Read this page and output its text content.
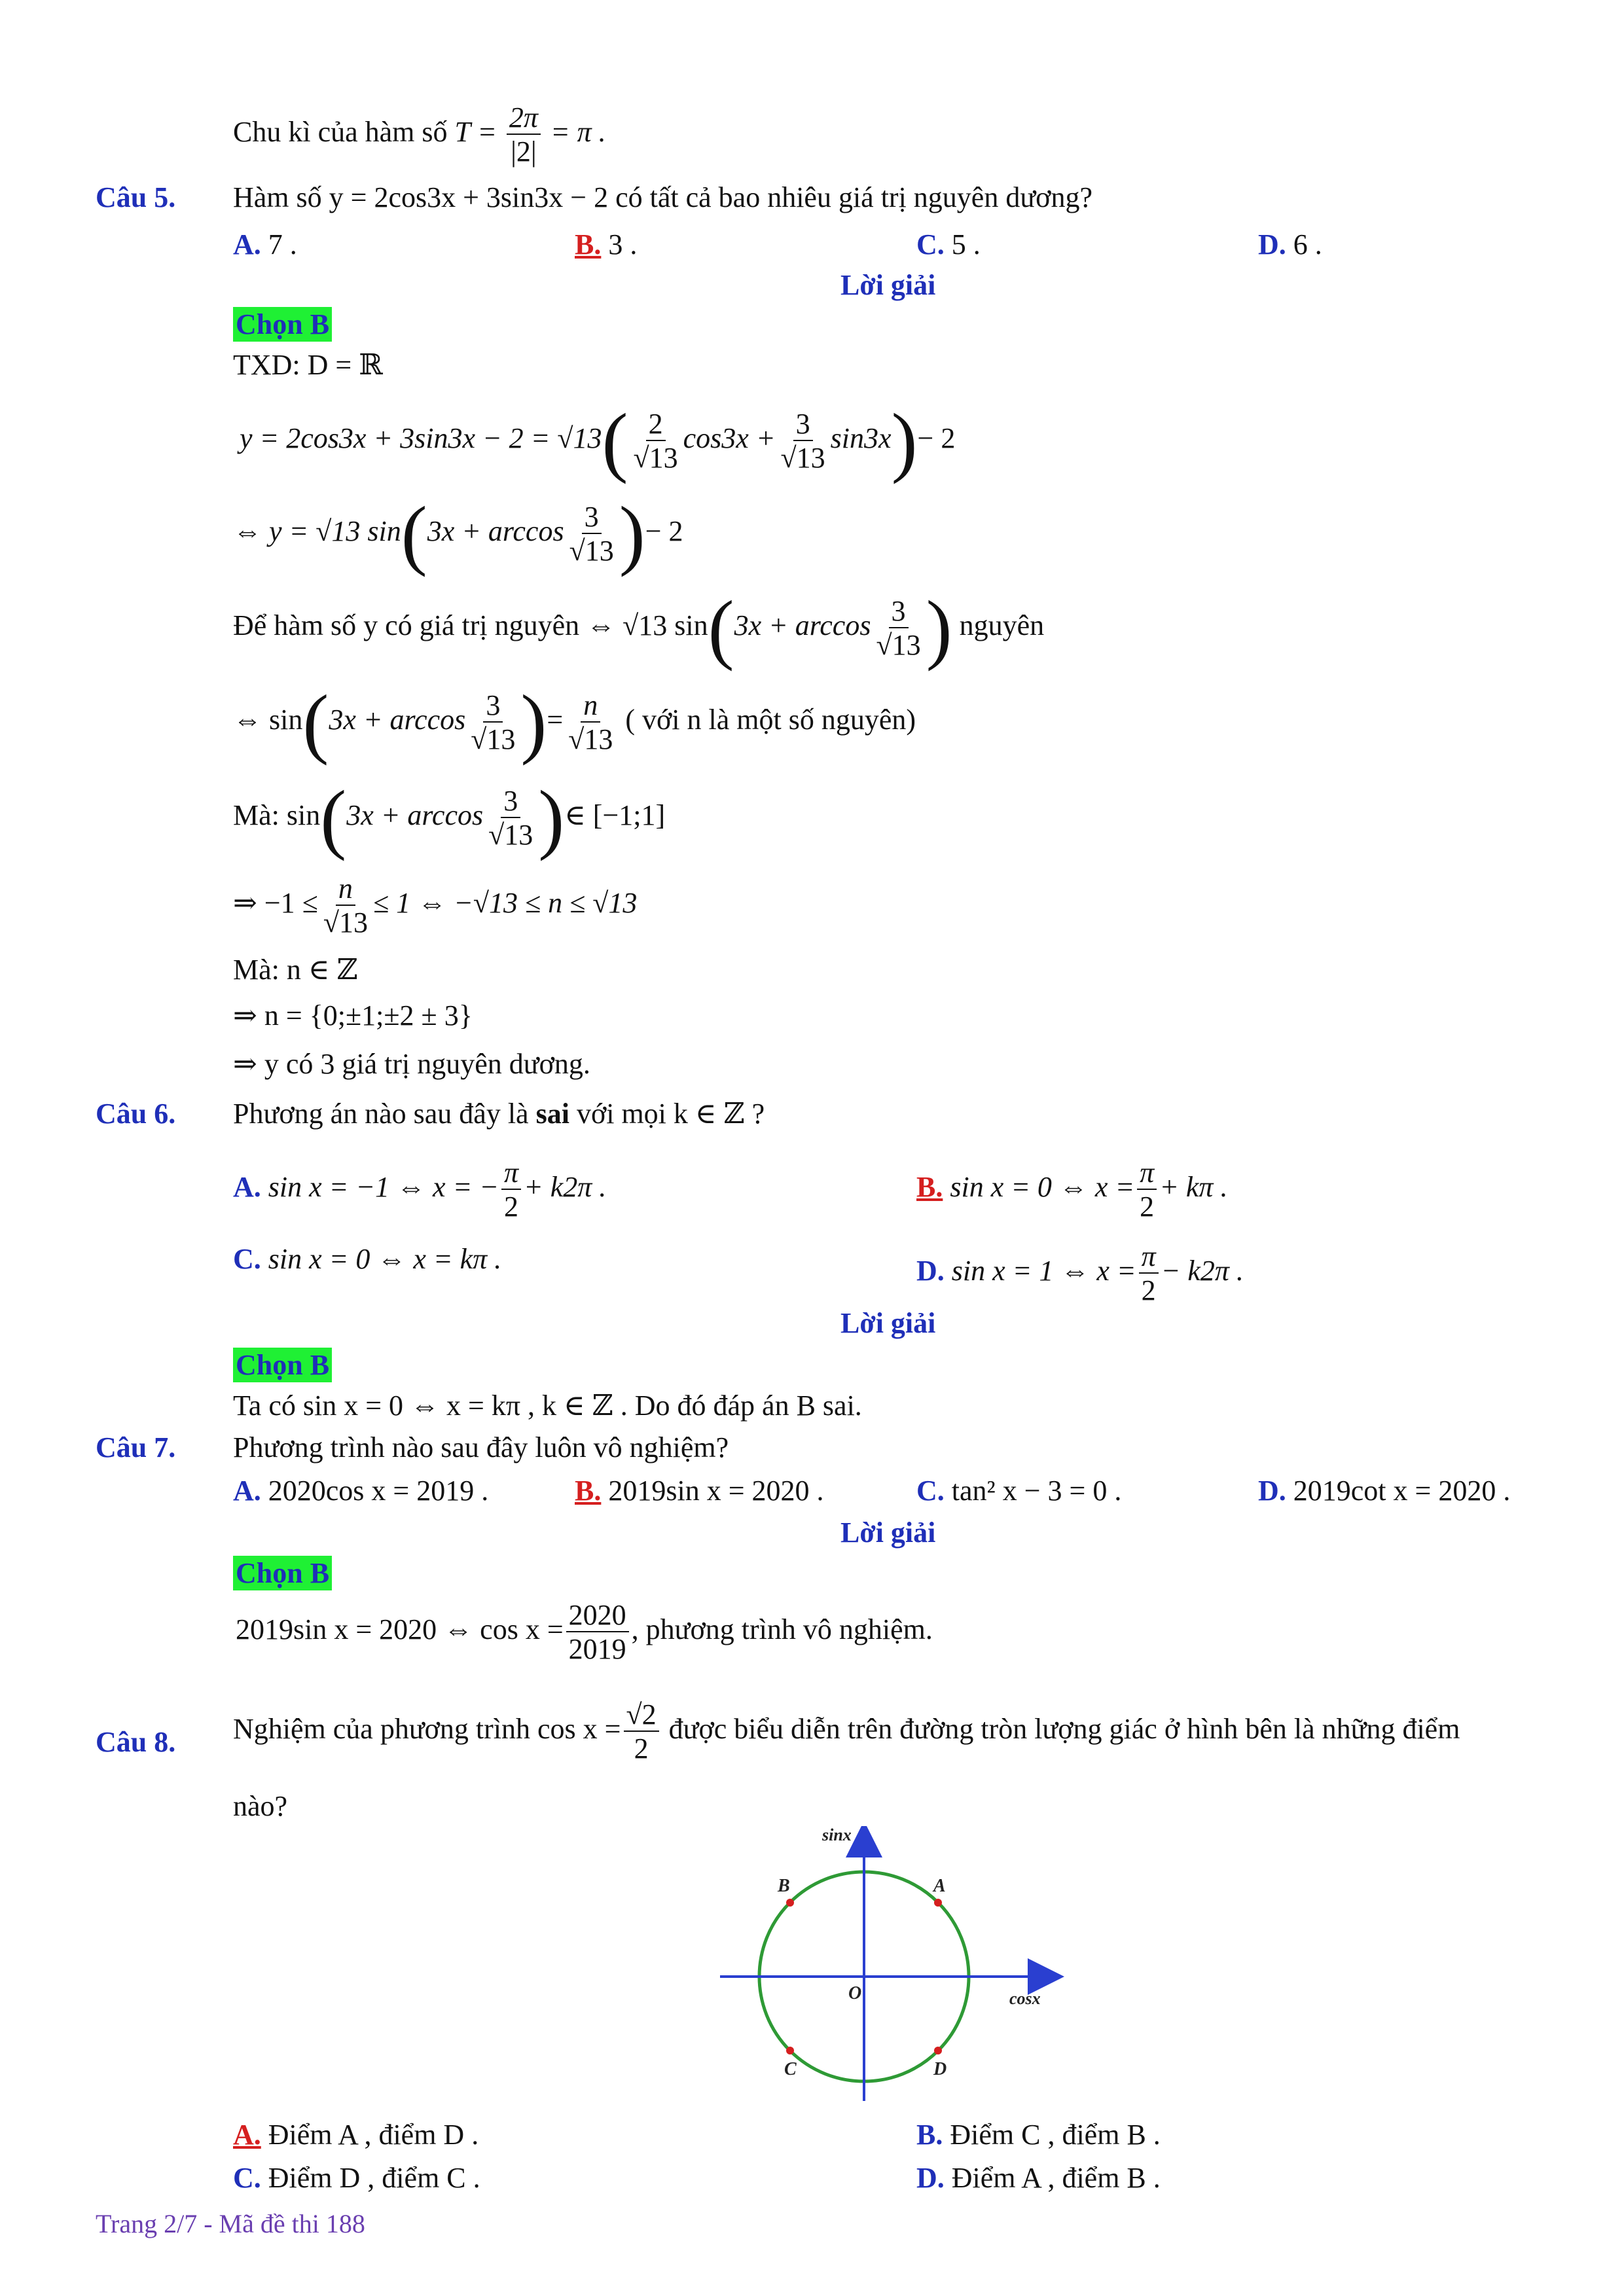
Chu kì của hàm số $T = \frac{2\pi}{|2|} = \pi$ .
Câu 5. Hàm số y = 2cos3x + 3sin3x − 2 có tất cả bao nhiêu giá trị nguyên dương?
A. 7 .	B. 3 .	C. 5 .	D. 6 .
Lời giải
Chọn B
TXD: D = ℝ
$y = 2\cos 3x + 3\sin 3x - 2 = √13( \frac{2}{√13} \cos 3x + \frac{3}{√13} \sin 3x)- 2$
⇔ y = √13 $\sin(3x + \arccos \frac{3}{√13}$ )− 2
Để hàm số y có giá trị nguyên ⇔ √13 $\sin(3x + \arccos \frac{3}{√13}$ ) nguyên
⇔ $\sin(3x + \arccos \frac{3}{√13}$ )= $\frac{n}{√13}$ ( với n là một số nguyên)
Mà: $\sin(3x + \arccos \frac{3}{√13}$ )∈ [−1;1]
⇒ $-1 \le \frac{n}{√13} \le 1$ ⇔ −√13 ≤ n ≤ √13
Mà: n ∈ ℤ
⇒ n = {0;±1;±2 ± 3}
⇒ y có 3 giá trị nguyên dương.
Câu 6. Phương án nào sau đây là sai với mọi k ∈ ℤ ?
A. sin x = −1 ⇔ x = − $\frac{\pi}{2} + k2\pi$ .	B. sin x = 0 ⇔ $x = \frac{\pi}{2} + k\pi$ .
C. sin x = 0 ⇔ x = kπ .	D. sin x = 1 ⇔ $x = \frac{\pi}{2} - k2\pi$ .
Lời giải
Chọn B
Ta có sin x = 0 ⇔ x = kπ , k ∈ ℤ . Do đó đáp án B sai.
Câu 7. Phương trình nào sau đây luôn vô nghiệm?
A. 2020cos x = 2019 .	B. 2019sin x = 2020 .	C. tan² x − 3 = 0 .	D. 2019cot x = 2020 .
Lời giải
Chọn B
2019sin x = 2020 ⇔ $\cos x = \frac{2020}{2019}$ , phương trình vô nghiệm.
Câu 8. Nghiệm của phương trình $\cos x = \frac{√2}{2}$ được biểu diễn trên đường tròn lượng giác ở hình bên là những điểm
nào?
sinx
cosx
O
A
B
C	D
A. Điểm A , điểm D .	B. Điểm C , điểm B .
C. Điểm D , điểm C .	D. Điểm A , điểm B .
Trang 2/7 - Mã đề thi 188
